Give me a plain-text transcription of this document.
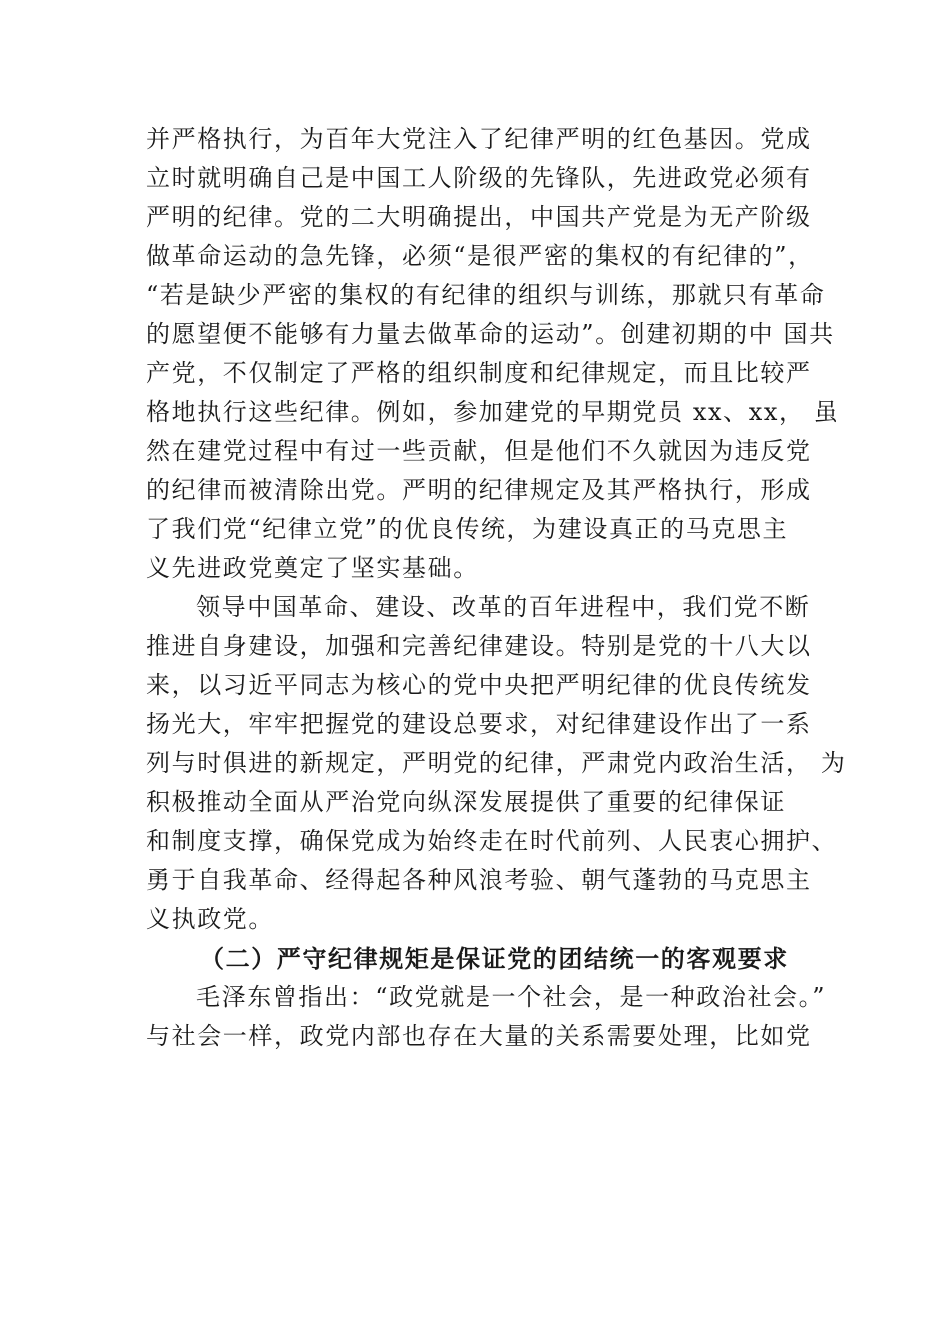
并严格执行，为百年大党注入了纪律严明的红色基因。党成
立时就明确自己是中国工人阶级的先锋队，先进政党必须有
严明的纪律。党的二大明确提出，中国共产党是为无产阶级
做革命运动的急先锋，必须“是很严密的集权的有纪律的”，
“若是缺少严密的集权的有纪律的组织与训练，那就只有革命
的愿望便不能够有力量去做革命的运动”。创建初期的中 国共
产党，不仅制定了严格的组织制度和纪律规定，而且比较严
格地执行这些纪律。例如，参加建党的早期党员 xx、xx， 虽
然在建党过程中有过一些贡献，但是他们不久就因为违反党
的纪律而被清除出党。严明的纪律规定及其严格执行，形成
了我们党“纪律立党”的优良传统，为建设真正的马克思主
义先进政党奠定了坚实基础。
领导中国革命、建设、改革的百年进程中，我们党不断
推进自身建设，加强和完善纪律建设。特别是党的十八大以
来，以习近平同志为核心的党中央把严明纪律的优良传统发
扬光大，牢牢把握党的建设总要求，对纪律建设作出了一系
列与时俱进的新规定，严明党的纪律，严肃党内政治生活， 为
积极推动全面从严治党向纵深发展提供了重要的纪律保证
和制度支撑，确保党成为始终走在时代前列、人民衷心拥护、
勇于自我革命、经得起各种风浪考验、朝气蓬勃的马克思主
义执政党。
（二）严守纪律规矩是保证党的团结统一的客观要求
毛泽东曾指出：“政党就是一个社会，是一种政治社会。”
与社会一样，政党内部也存在大量的关系需要处理，比如党
